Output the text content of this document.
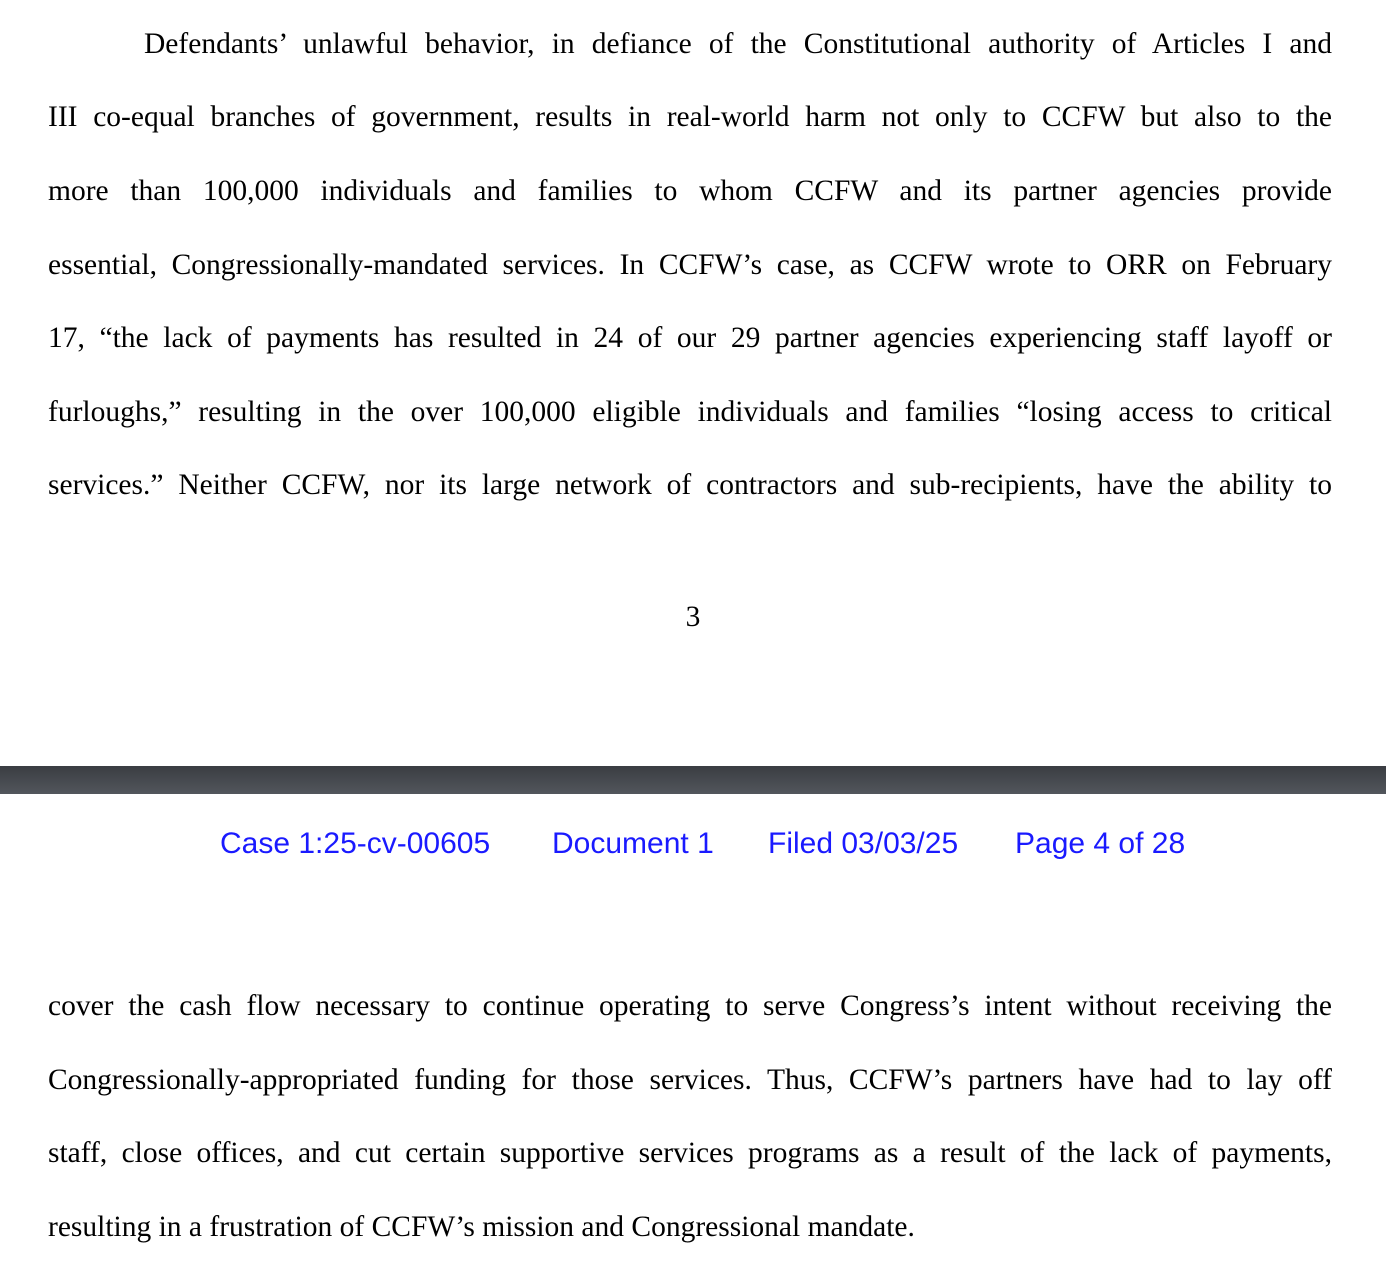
Defendants’ unlawful behavior, in defiance of the Constitutional authority of Articles I and
III co-equal branches of government, results in real-world harm not only to CCFW but also to the
more than 100,000 individuals and families to whom CCFW and its partner agencies provide
essential, Congressionally-mandated services. In CCFW’s case, as CCFW wrote to ORR on February
17, “the lack of payments has resulted in 24 of our 29 partner agencies experiencing staff layoff or
furloughs,” resulting in the over 100,000 eligible individuals and families “losing access to critical
services.” Neither CCFW, nor its large network of contractors and sub-recipients, have the ability to
3
Case 1:25-cv-00605 Document 1 Filed 03/03/25 Page 4 of 28
cover the cash flow necessary to continue operating to serve Congress’s intent without receiving the
Congressionally-appropriated funding for those services. Thus, CCFW’s partners have had to lay off
staff, close offices, and cut certain supportive services programs as a result of the lack of payments,
resulting in a frustration of CCFW’s mission and Congressional mandate.
